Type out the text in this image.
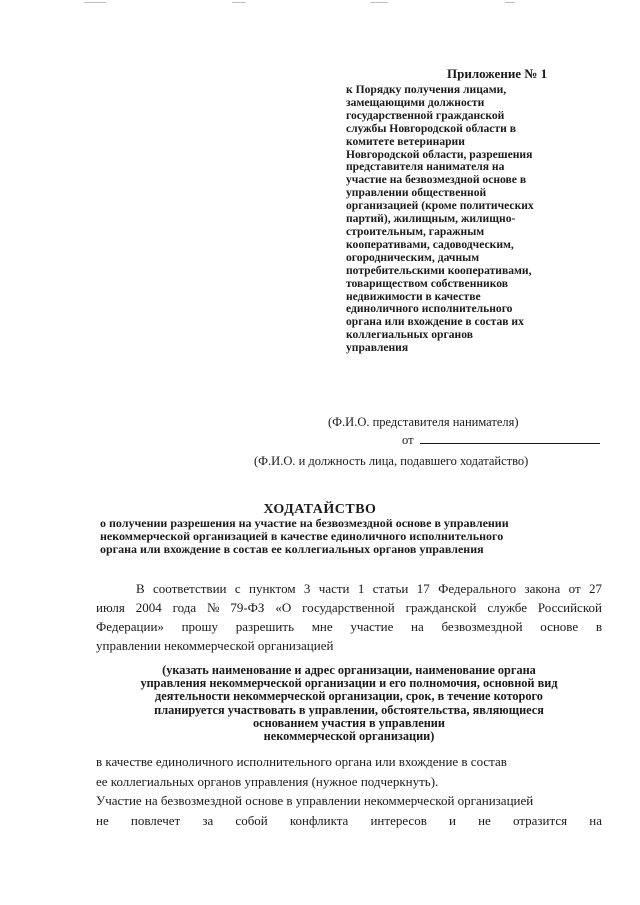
Приложение № 1
к Порядку получения лицами,
замещающими должности
государственной гражданской
службы Новгородской области в
комитете ветеринарии
Новгородской области, разрешения
представителя нанимателя на
участие на безвозмездной основе в
управлении общественной
организацией (кроме политических
партий), жилищным, жилищно-
строительным, гаражным
кооперативами, садоводческим,
огородническим, дачным
потребительскими кооперативами,
товариществом собственников
недвижимости в качестве
единоличного исполнительного
органа или вхождение в состав их
коллегиальных органов
управления
(Ф.И.О. представителя нанимателя)
от
(Ф.И.О. и должность лица, подавшего ходатайство)
ХОДАТАЙСТВО
о получении разрешения на участие на безвозмездной основе в управлении
некоммерческой организацией в качестве единоличного исполнительного
органа или вхождение в состав ее коллегиальных органов управления
В соответствии с пунктом 3 части 1 статьи 17 Федерального закона от 27
июля 2004 года № 79-ФЗ «О государственной гражданской службе Российской
Федерации» прошу разрешить мне участие на безвозмездной основе в
управлении некоммерческой организацией
(указать наименование и адрес организации, наименование органа
управления некоммерческой организации и его полномочия, основной вид
деятельности некоммерческой организации, срок, в течение которого
планируется участвовать в управлении, обстоятельства, являющиеся
основанием участия в управлении
некоммерческой организации)
в качестве единоличного исполнительного органа или вхождение в состав
ее коллегиальных органов управления (нужное подчеркнуть).
Участие на безвозмездной основе в управлении некоммерческой организацией
не повлечет за собой конфликта интересов и не отразится на
